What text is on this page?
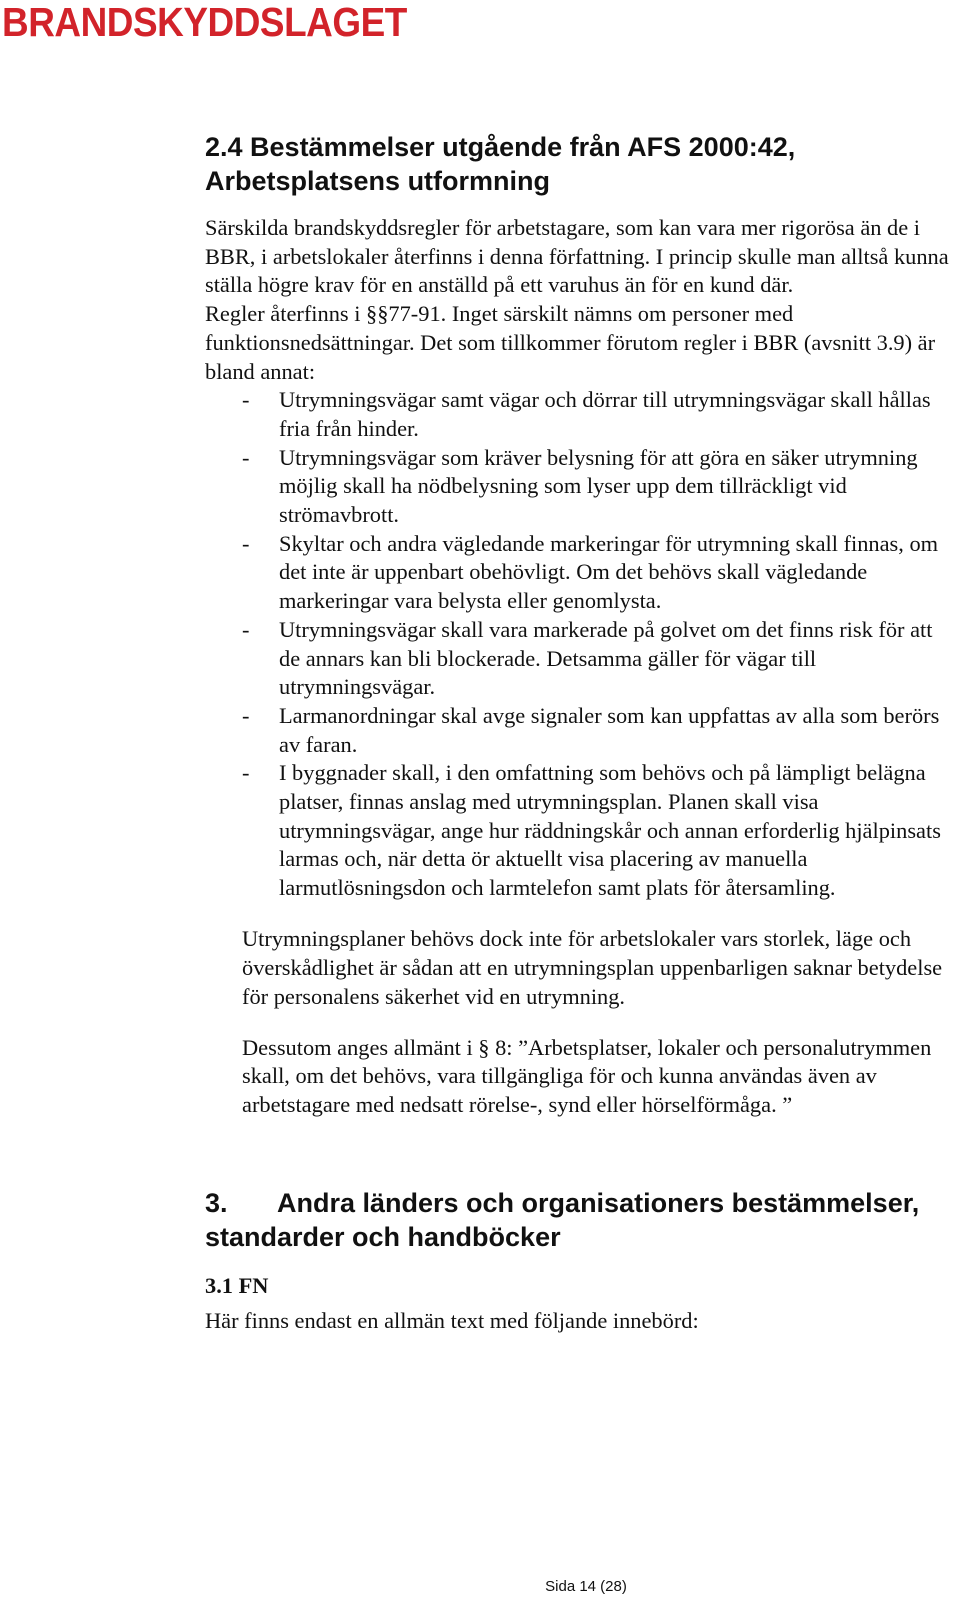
BRANDSKYDDSLAGET
2.4 Bestämmelser utgående från AFS 2000:42, Arbetsplatsens utformning

Särskilda brandskyddsregler för arbetstagare, som kan vara mer rigorösa än de i BBR, i arbetslokaler återfinns i denna författning. I princip skulle man alltså kunna ställa högre krav för en anställd på ett varuhus än för en kund där.

Regler återfinns i §§77-91. Inget särskilt nämns om personer med funktionsnedsättningar. Det som tillkommer förutom regler i BBR (avsnitt 3.9) är bland annat:

- Utrymningsvägar samt vägar och dörrar till utrymningsvägar skall hållas fria från hinder.
- Utrymningsvägar som kräver belysning för att göra en säker utrymning möjlig skall ha nödbelysning som lyser upp dem tillräckligt vid strömavbrott.
- Skyltar och andra vägledande markeringar för utrymning skall finnas, om det inte är uppenbart obehövligt. Om det behövs skall vägledande markeringar vara belysta eller genomlysta.
- Utrymningsvägar skall vara markerade på golvet om det finns risk för att de annars kan bli blockerade. Detsamma gäller för vägar till utrymningsvägar.
- Larmanordningar skal avge signaler som kan uppfattas av alla som berörs av faran.
- I byggnader skall, i den omfattning som behövs och på lämpligt belägna platser, finnas anslag med utrymningsplan. Planen skall visa utrymningsvägar, ange hur räddningskår och annan erforderlig hjälpinsats larmas och, när detta ör aktuellt visa placering av manuella larmutlösningsdon och larmtelefon samt plats för återsamling.

Utrymningsplaner behövs dock inte för arbetslokaler vars storlek, läge och överskådlighet är sådan att en utrymningsplan uppenbarligen saknar betydelse för personalens säkerhet vid en utrymning.

Dessutom anges allmänt i § 8: ”Arbetsplatser, lokaler och personalutrymmen skall, om det behövs, vara tillgängliga för och kunna användas även av arbetstagare med nedsatt rörelse-, synd eller hörselförmåga. ”

3. Andra länders och organisationers bestämmelser, standarder och handböcker
3.1 FN

Här finns endast en allmän text med följande innebörd:

Sida 14 (28)
